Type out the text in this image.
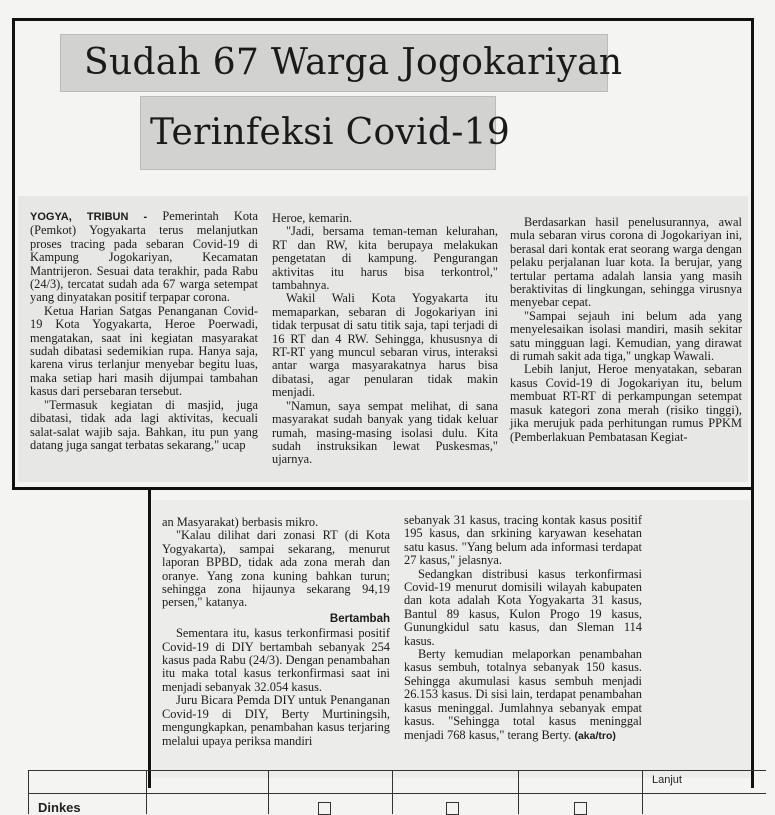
Sudah 67 Warga Jogokariyan
Terinfeksi Covid-19

YOGYA, TRIBUN - Pemerintah Kota (Pemkot) Yogyakarta terus melanjutkan proses tracing pada sebaran Covid-19 di Kampung Jogokariyan, Kecamatan Mantrijeron. Sesuai data terakhir, pada Rabu (24/3), tercatat sudah ada 67 warga setempat yang dinyatakan positif terpapar corona.

Ketua Harian Satgas Penanganan Covid-19 Kota Yogyakarta, Heroe Poerwadi, mengatakan, saat ini kegiatan masyarakat sudah dibatasi sedemikian rupa. Hanya saja, karena virus terlanjur menyebar begitu luas, maka setiap hari masih dijumpai tambahan kasus dari persebaran tersebut.

"Termasuk kegiatan di masjid, juga dibatasi, tidak ada lagi aktivitas, kecuali salat-salat wajib saja. Bahkan, itu pun yang datang juga sangat terbatas sekarang," ucap

Heroe, kemarin.

"Jadi, bersama teman-teman kelurahan, RT dan RW, kita berupaya melakukan pengetatan di kampung. Pengurangan aktivitas itu harus bisa terkontrol," tambahnya.

Wakil Wali Kota Yogyakarta itu memaparkan, sebaran di Jogokariyan ini tidak terpusat di satu titik saja, tapi terjadi di 16 RT dan 4 RW. Sehingga, khususnya di RT-RT yang muncul sebaran virus, interaksi antar warga masyarakatnya harus bisa dibatasi, agar penularan tidak makin menjadi.

"Namun, saya sempat melihat, di sana masyarakat sudah banyak yang tidak keluar rumah, masing-masing isolasi dulu. Kita sudah instruksikan lewat Puskesmas," ujarnya.

Berdasarkan hasil penelusurannya, awal mula sebaran virus corona di Jogokariyan ini, berasal dari kontak erat seorang warga dengan pelaku perjalanan luar kota. Ia berujar, yang tertular pertama adalah lansia yang masih beraktivitas di lingkungan, sehingga virusnya menyebar cepat.

"Sampai sejauh ini belum ada yang menyelesaikan isolasi mandiri, masih sekitar satu mingguan lagi. Kemudian, yang dirawat di rumah sakit ada tiga," ungkap Wawali.

Lebih lanjut, Heroe menyatakan, sebaran kasus Covid-19 di Jogokariyan itu, belum membuat RT-RT di perkampungan setempat masuk kategori zona merah (risiko tinggi), jika merujuk pada perhitungan rumus PPKM (Pemberlakuan Pembatasan Kegiat-

an Masyarakat) berbasis mikro.

"Kalau dilihat dari zonasi RT (di Kota Yogyakarta), sampai sekarang, menurut laporan BPBD, tidak ada zona merah dan oranye. Yang zona kuning bahkan turun; sehingga zona hijaunya sekarang 94,19 persen," katanya.

Bertambah

Sementara itu, kasus terkonfirmasi positif Covid-19 di DIY bertambah sebanyak 254 kasus pada Rabu (24/3). Dengan penambahan itu maka total kasus terkonfirmasi saat ini menjadi sebanyak 32.054 kasus.

Juru Bicara Pemda DIY untuk Penanganan Covid-19 di DIY, Berty Murtiningsih, mengungkapkan, penambahan kasus terjaring melalui upaya periksa mandiri

sebanyak 31 kasus, tracing kontak kasus positif 195 kasus, dan srkining karyawan kesehatan satu kasus. "Yang belum ada informasi terdapat 27 kasus," jelasnya.

Sedangkan distribusi kasus terkonfirmasi Covid-19 menurut domisili wilayah kabupaten dan kota adalah Kota Yogyakarta 31 kasus, Bantul 89 kasus, Kulon Progo 19 kasus, Gunungkidul satu kasus, dan Sleman 114 kasus.

Berty kemudian melaporkan penambahan kasus sembuh, totalnya sebanyak 150 kasus. Sehingga akumulasi kasus sembuh menjadi 26.153 kasus. Di sisi lain, terdapat penambahan kasus meninggal. Jumlahnya sebanyak empat kasus. "Sehingga total kasus meninggal menjadi 768 kasus," terang Berty. (aka/tro)

Lanjut
Dinkes
